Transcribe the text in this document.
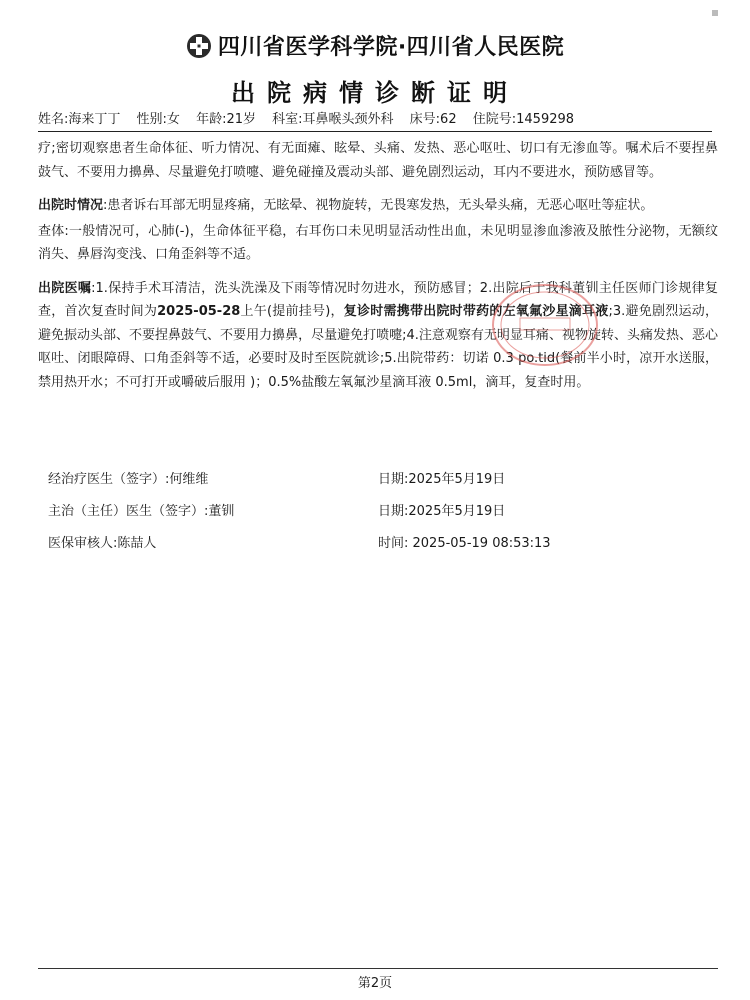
四川省医学科学院·四川省人民医院
出院病情诊断证明
姓名:海来丁丁 性别:女 年龄:21岁 科室:耳鼻喉头颈外科 床号:62 住院号:1459298

疗;密切观察患者生命体征、听力情况、有无面瘫、眩晕、头痛、发热、恶心呕吐、切口有无渗血等。嘱术后不要捏鼻鼓气、不要用力擤鼻、尽量避免打喷嚏、避免碰撞及震动头部、避免剧烈运动，耳内不要进水，预防感冒等。

出院时情况:患者诉右耳部无明显疼痛，无眩晕、视物旋转，无畏寒发热，无头晕头痛，无恶心呕吐等症状。

查体:一般情况可，心肺(-)，生命体征平稳，右耳伤口未见明显活动性出血，未见明显渗血渗液及脓性分泌物，无额纹消失、鼻唇沟变浅、口角歪斜等不适。

出院医嘱:1.保持手术耳清洁，洗头洗澡及下雨等情况时勿进水，预防感冒；2.出院后于我科董钏主任医师门诊规律复查，首次复查时间为2025-05-28上午(提前挂号)，复诊时需携带出院时带药的左氧氟沙星滴耳液;3.避免剧烈运动，避免振动头部、不要捏鼻鼓气、不要用力擤鼻，尽量避免打喷嚏;4.注意观察有无明显耳痛、视物旋转、头痛发热、恶心呕吐、闭眼障碍、口角歪斜等不适，必要时及时至医院就诊;5.出院带药：切诺 0.3 po.tid(餐前半小时，凉开水送服，禁用热开水；不可打开或嚼破后服用 )；0.5%盐酸左氧氟沙星滴耳液 0.5ml，滴耳，复查时用。

经治疗医生（签字）:何维维	日期:2025年5月19日
主治（主任）医生（签字）:董钏	日期:2025年5月19日
医保审核人:陈喆人	时间: 2025-05-19 08:53:13
第2页
